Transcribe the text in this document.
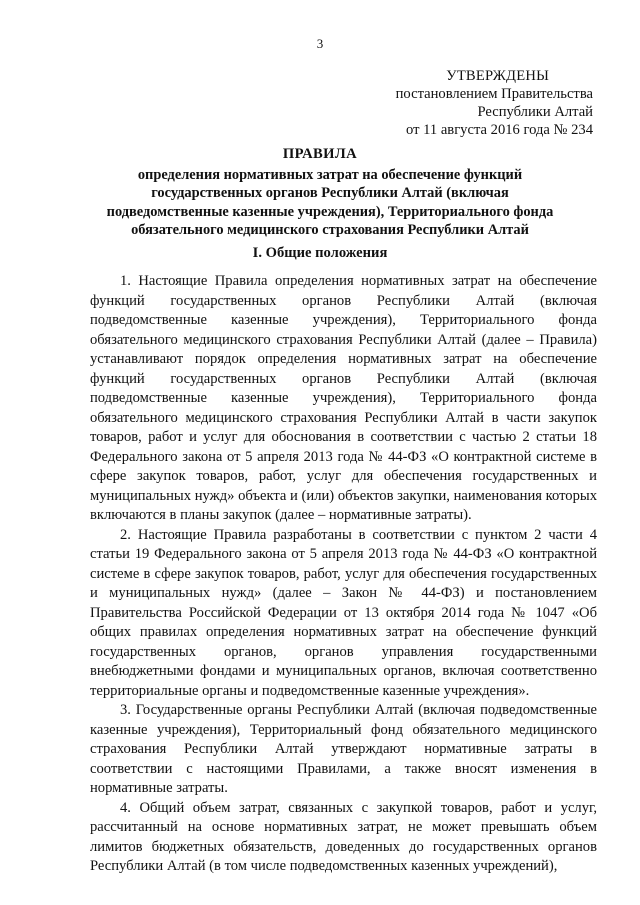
3
УТВЕРЖДЕНЫ
постановлением Правительства
Республики Алтай
от 11 августа 2016 года № 234
ПРАВИЛА
определения нормативных затрат на обеспечение функций государственных органов Республики Алтай (включая подведомственные казенные учреждения), Территориального фонда обязательного медицинского страхования Республики Алтай
I. Общие положения

1. Настоящие Правила определения нормативных затрат на обеспечение функций государственных органов Республики Алтай (включая подведомственные казенные учреждения), Территориального фонда обязательного медицинского страхования Республики Алтай (далее – Правила) устанавливают порядок определения нормативных затрат на обеспечение функций государственных органов Республики Алтай (включая подведомственные казенные учреждения), Территориального фонда обязательного медицинского страхования Республики Алтай в части закупок товаров, работ и услуг для обоснования в соответствии с частью 2 статьи 18 Федерального закона от 5 апреля 2013 года № 44-ФЗ «О контрактной системе в сфере закупок товаров, работ, услуг для обеспечения государственных и муниципальных нужд» объекта и (или) объектов закупки, наименования которых включаются в планы закупок (далее – нормативные затраты).

2. Настоящие Правила разработаны в соответствии с пунктом 2 части 4 статьи 19 Федерального закона от 5 апреля 2013 года № 44-ФЗ «О контрактной системе в сфере закупок товаров, работ, услуг для обеспечения государственных и муниципальных нужд» (далее – Закон № 44-ФЗ) и постановлением Правительства Российской Федерации от 13 октября 2014 года № 1047 «Об общих правилах определения нормативных затрат на обеспечение функций государственных органов, органов управления государственными внебюджетными фондами и муниципальных органов, включая соответственно территориальные органы и подведомственные казенные учреждения».

3. Государственные органы Республики Алтай (включая подведомственные казенные учреждения), Территориальный фонд обязательного медицинского страхования Республики Алтай утверждают нормативные затраты в соответствии с настоящими Правилами, а также вносят изменения в нормативные затраты.

4. Общий объем затрат, связанных с закупкой товаров, работ и услуг, рассчитанный на основе нормативных затрат, не может превышать объем лимитов бюджетных обязательств, доведенных до государственных органов Республики Алтай (в том числе подведомственных казенных учреждений),
